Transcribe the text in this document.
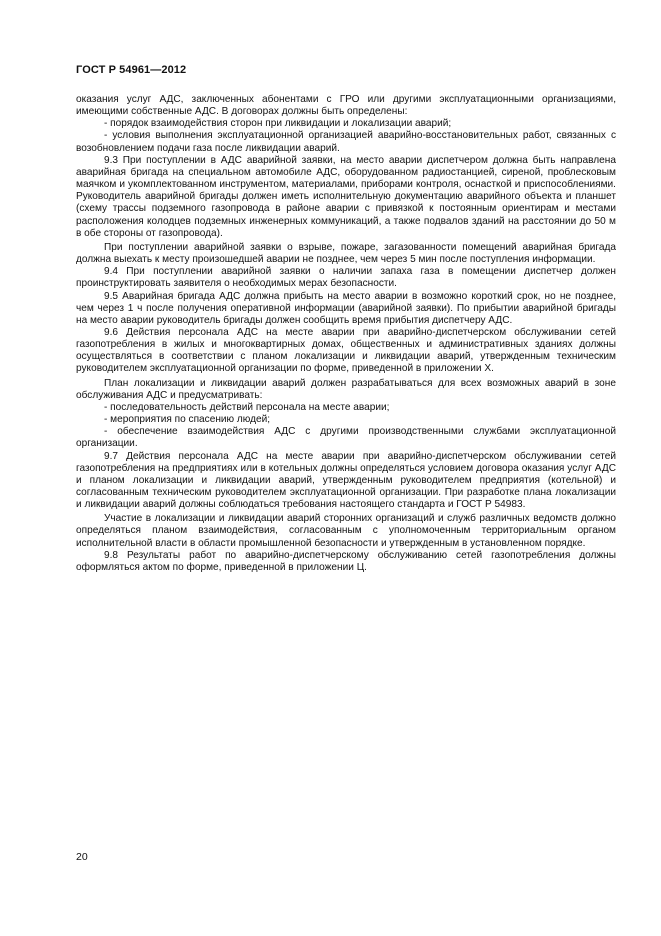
ГОСТ Р 54961—2012

оказания услуг АДС, заключенных абонентами с ГРО или другими эксплуатационными организациями, имеющими собственные АДС. В договорах должны быть определены:

- порядок взаимодействия сторон при ликвидации и локализации аварий;

- условия выполнения эксплуатационной организацией аварийно-восстановительных работ, связанных с возобновлением подачи газа после ликвидации аварий.

9.3 При поступлении в АДС аварийной заявки, на место аварии диспетчером должна быть направлена аварийная бригада на специальном автомобиле АДС, оборудованном радиостанцией, сиреной, проблесковым маячком и укомплектованном инструментом, материалами, приборами контроля, оснасткой и приспособлениями. Руководитель аварийной бригады должен иметь исполнительную документацию аварийного объекта и планшет (схему трассы подземного газопровода в районе аварии с привязкой к постоянным ориентирам и местами расположения колодцев подземных инженерных коммуникаций, а также подвалов зданий на расстоянии до 50 м в обе стороны от газопровода).

При поступлении аварийной заявки о взрыве, пожаре, загазованности помещений аварийная бригада должна выехать к месту произошедшей аварии не позднее, чем через 5 мин после поступления информации.

9.4 При поступлении аварийной заявки о наличии запаха газа в помещении диспетчер должен проинструктировать заявителя о необходимых мерах безопасности.

9.5 Аварийная бригада АДС должна прибыть на место аварии в возможно короткий срок, но не позднее, чем через 1 ч после получения оперативной информации (аварийной заявки). По прибытии аварийной бригады на место аварии руководитель бригады должен сообщить время прибытия диспетчеру АДС.

9.6 Действия персонала АДС на месте аварии при аварийно-диспетчерском обслуживании сетей газопотребления в жилых и многоквартирных домах, общественных и административных зданиях должны осуществляться в соответствии с планом локализации и ликвидации аварий, утвержденным техническим руководителем эксплуатационной организации по форме, приведенной в приложении Х.

План локализации и ликвидации аварий должен разрабатываться для всех возможных аварий в зоне обслуживания АДС и предусматривать:

- последовательность действий персонала на месте аварии;

- мероприятия по спасению людей;

- обеспечение взаимодействия АДС с другими производственными службами эксплуатационной организации.

9.7 Действия персонала АДС на месте аварии при аварийно-диспетчерском обслуживании сетей газопотребления на предприятиях или в котельных должны определяться условием договора оказания услуг АДС и планом локализации и ликвидации аварий, утвержденным руководителем предприятия (котельной) и согласованным техническим руководителем эксплуатационной организации. При разработке плана локализации и ликвидации аварий должны соблюдаться требования настоящего стандарта и ГОСТ Р 54983.

Участие в локализации и ликвидации аварий сторонних организаций и служб различных ведомств должно определяться планом взаимодействия, согласованным с уполномоченным территориальным органом исполнительной власти в области промышленной безопасности и утвержденным в установленном порядке.

9.8 Результаты работ по аварийно-диспетчерскому обслуживанию сетей газопотребления должны оформляться актом по форме, приведенной в приложении Ц.

20
